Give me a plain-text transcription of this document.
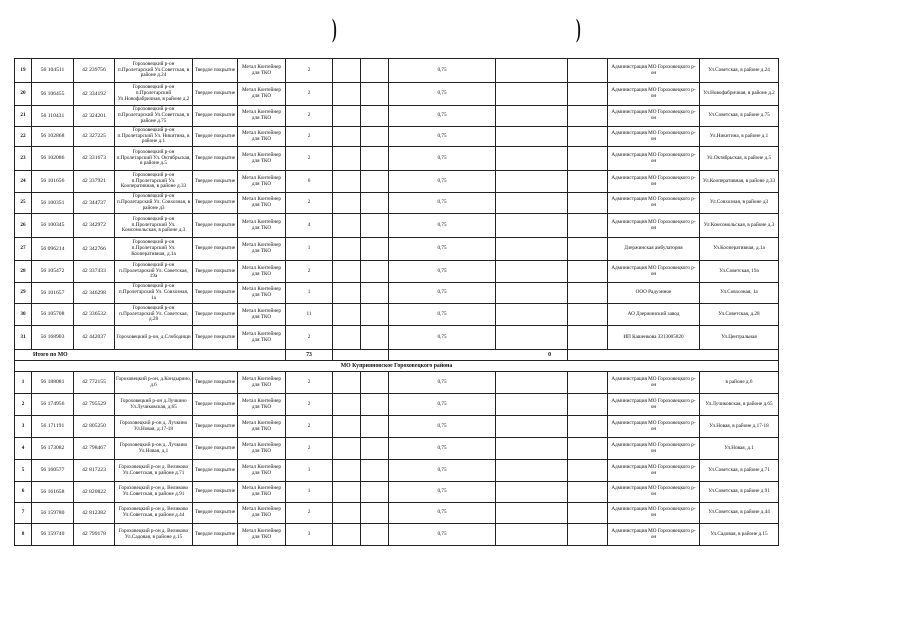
)	)
19	56 104511	42 239756	Гороховецкий р-он п.Пролетарский Ул.Советская, в районе д.24	Твердое покрытие	Метал Контейнер для ТКО	2			0,75			Администрация МО Гороховецкого р-он	Ул.Советская, в районе д.24
20	56 106455	42 334192	Гороховецкий р-он п.Пролетарский Ул.Новофабричная, в районе д.2	Твердое покрытие	Метал Контейнер для ТКО	2			0,75			Администрация МО Гороховецкого р-он	Ул.Новофабричная, в районе д.2
21	56 110431	42 324201	Гороховецкий р-он п.Пролетарский Ул.Советская, в районе д.75	Твердое покрытие	Метал Контейнер для ТКО	2			0,75			Администрация МО Гороховецкого р-он	Ул.Советская, в районе д.75
22	56 102868	42 327225	Гороховецкий р-он п.Пролетарский Ул. Никитина, в районе д.1	Твердое покрытие	Метал Контейнер для ТКО	2			0,75			Администрация МО Гороховецкого р-он	Ул.Никитина, в районе д.1
23	56 102086	42 331673	Гороховецкий р-он п.Пролетарский Ул. Октябрьская, в районе д.5	Твердое покрытие	Метал Контейнер для ТКО	2			0,75			Администрация МО Гороховецкого р-он	Ул.Октябрьская, в районе д.5
24	56 101656	42 337921	Гороховецкий р-он п.Пролетарский Ул. Кооперативная, в районе д.33	Твердое покрытие	Метал Контейнер для ТКО	6			0,75			Администрация МО Гороховецкого р-он	Ул.Кооперативная, в районе д.33
25	56 100351	42 344737	Гороховецкий р-он п.Пролетарский Ул. Совхозная, в районе д3	Твердое покрытие	Метал Контейнер для ТКО	2			0,75			Администрация МО Гороховецкого р-он	Ул.Совхозная, в районе д3
26	56 100345	42 342972	Гороховецкий р-он п.Пролетарский Ул. Комсомольская, в районе д.3	Твердое покрытие	Метал Контейнер для ТКО	4			0,75			Администрация МО Гороховецкого р-он	Ул.Комсомольская, в районе д.3
27	56 096214	42 342766	Гороховецкий р-он п.Пролетарский Ул. Кооперативная, д.1а	Твердое покрытие	Метал Контейнер для ТКО	1			0,75			Дзержинская амбулатория	Ул.Кооперативная, д.1а
28	56 105472	42 337433	Гороховецкий р-он п.Пролетарский Ул. Советская, 19а	Твердое покрытие	Метал Контейнер для ТКО	2			0,75			Администрация МО Гороховецкого р-он	Ул.Советская, 19а
29	56 101657	42 346298	Гороховецкий р-он п.Пролетарский Ул. Совхозная, 1а	Твердое покрытие	Метал Контейнер для ТКО	1			0,75			ООО Радуэнное	Ул.Совхозная, 1а
30	56 105708	42 336532	Гороховецкий р-он п.Пролетарский Ул. Советская, д.28	Твердое покрытие	Метал Контейнер для ТКО	11			0,75			АО Дзержинский завод	Ул.Советская, д.28
31	56 168903	42 442037	Гороховецкий р-он, д.Слободищи	Твердое покрытие	Метал Контейнер для ТКО	2			0,75			ИП Кашенкова 3313005820	Ул.Центральная
Итого по МО						73			0				
МО Куприяновское Гороховецкого района													
1	56 188081	42 772155	Гороховецкий р-он, д.Кондырино, д.6	Твердое покрытие	Метал Контейнер для ТКО	2			0,75			Администрация МО Гороховецкого р-он	в районе д.6
2	56 174956	42 795529	Гороховецкий р-он д.Лучкино Ул.Лучиковская, д.65	Твердое покрытие	Метал Контейнер для ТКО	2			0,75			Администрация МО Гороховецкого р-он	Ул.Лучиковская, в районе д.65
3	56 171191	42 805250	Гороховецкий р-он д. Лучкино Ул.Новая, д.17-18	Твердое покрытие	Метал Контейнер для ТКО	2			0,75			Администрация МО Гороховецкого р-он	Ул.Новая, в районе д.17-18
4	56 173082	42 798467	Гороховецкий р-он д. Лучкино Ул.Новая, д.1	Твердое покрытие	Метал Контейнер для ТКО	2			0,75			Администрация МО Гороховецкого р-он	Ул.Новая, д.1
5	56 160577	42 817223	Гороховецкий р-он д. Великово Ул.Советская, в районе д.71	Твердое покрытие	Метал Контейнер для ТКО	1			0,75			Администрация МО Гороховецкого р-он	Ул.Советская, в районе д.71
6	56 161658	42 820822	Гороховецкий р-он д. Великово Ул.Советская, в районе д.91	Твердое покрытие	Метал Контейнер для ТКО	1			0,75			Администрация МО Гороховецкого р-он	Ул.Советская, в районе д.91
7	56 159780	42 812382	Гороховецкий р-он д. Великово Ул.Советская, в районе д.44	Твердое покрытие	Метал Контейнер для ТКО	2			0,75			Администрация МО Гороховецкого р-он	Ул.Советская, в районе д.44
8	56 159740	42 799178	Гороховецкий р-он д. Великово Ул.Садовая, в районе д.15	Твердое покрытие	Метал Контейнер для ТКО	3			0,75			Администрация МО Гороховецкого р-он	Ул.Садовая, в районе д.15
